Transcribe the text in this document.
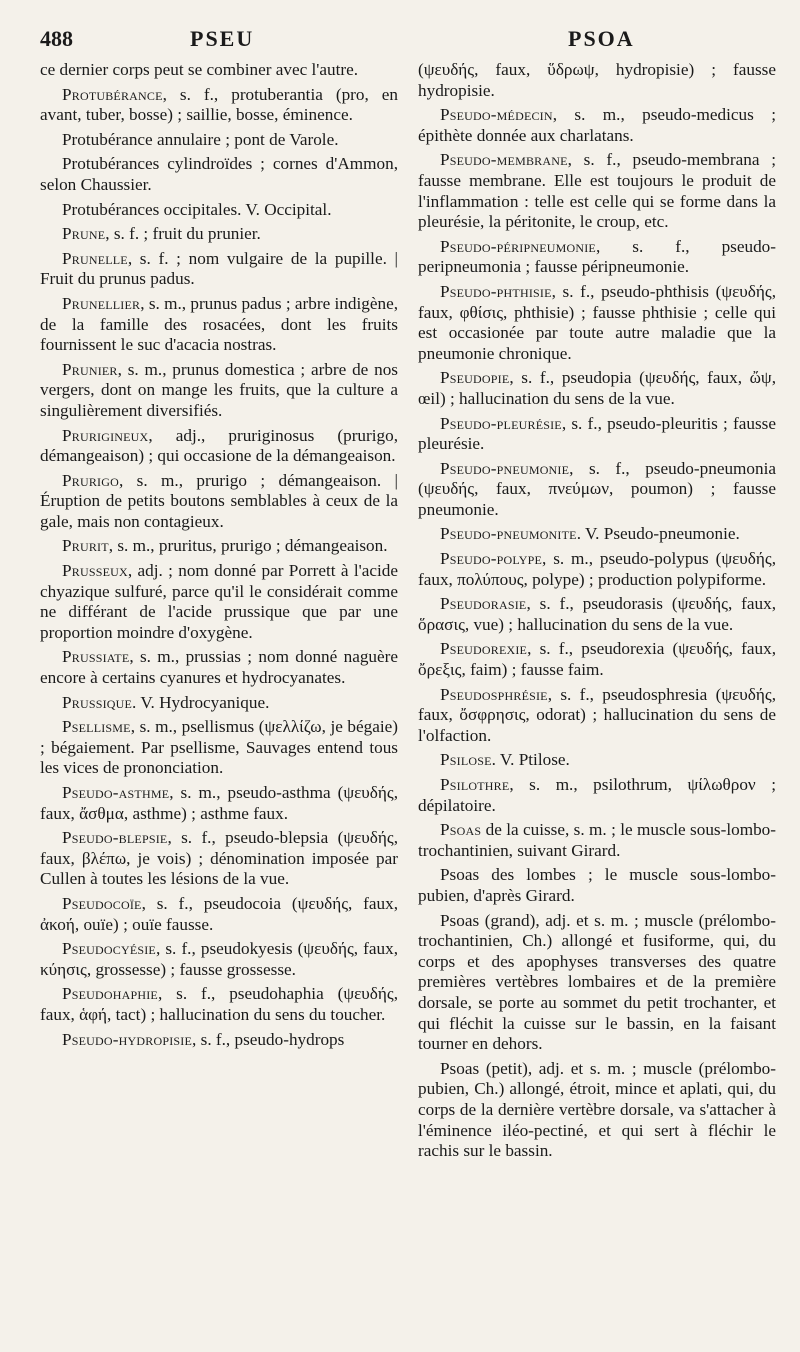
488	PSEU	PSOA

ce dernier corps peut se combiner avec l'autre.

Protubérance, s. f., protuberantia (pro, en avant, tuber, bosse) ; saillie, bosse, éminence.

Protubérance annulaire ; pont de Varole.

Protubérances cylindroïdes ; cornes d'Ammon, selon Chaussier.

Protubérances occipitales. V. Occipital.

Prune, s. f. ; fruit du prunier.

Prunelle, s. f. ; nom vulgaire de la pupille. | Fruit du prunus padus.

Prunellier, s. m., prunus padus ; arbre indigène, de la famille des rosacées, dont les fruits fournissent le suc d'acacia nostras.

Prunier, s. m., prunus domestica ; arbre de nos vergers, dont on mange les fruits, que la culture a singulièrement diversifiés.

Prurigineux, adj., pruriginosus (prurigo, démangeaison) ; qui occasione de la démangeaison.

Prurigo, s. m., prurigo ; démangeaison. | Éruption de petits boutons semblables à ceux de la gale, mais non contagieux.

Prurit, s. m., pruritus, prurigo ; démangeaison.

Prusseux, adj. ; nom donné par Porrett à l'acide chyazique sulfuré, parce qu'il le considérait comme ne différant de l'acide prussique que par une proportion moindre d'oxygène.

Prussiate, s. m., prussias ; nom donné naguère encore à certains cyanures et hydrocyanates.

Prussique. V. Hydrocyanique.

Psellisme, s. m., psellismus (ψελλίζω, je bégaie) ; bégaiement. Par psellisme, Sauvages entend tous les vices de prononciation.

Pseudo-asthme, s. m., pseudo-asthma (ψευδής, faux, ἄσθμα, asthme) ; asthme faux.

Pseudo-blepsie, s. f., pseudo-blepsia (ψευδής, faux, βλέπω, je vois) ; dénomination imposée par Cullen à toutes les lésions de la vue.

Pseudocoïe, s. f., pseudocoia (ψευδής, faux, ἀκοή, ouïe) ; ouïe fausse.

Pseudocyésie, s. f., pseudokyesis (ψευδής, faux, κύησις, grossesse) ; fausse grossesse.

Pseudohaphie, s. f., pseudohaphia (ψευδής, faux, ἁφή, tact) ; hallucination du sens du toucher.

Pseudo-hydropisie, s. f., pseudo-hydrops

(ψευδής, faux, ὕδρωψ, hydropisie) ; fausse hydropisie.

Pseudo-médecin, s. m., pseudo-medicus ; épithète donnée aux charlatans.

Pseudo-membrane, s. f., pseudo-membrana ; fausse membrane. Elle est toujours le produit de l'inflammation : telle est celle qui se forme dans la pleurésie, la péritonite, le croup, etc.

Pseudo-péripneumonie, s. f., pseudo-peripneumonia ; fausse péripneumonie.

Pseudo-phthisie, s. f., pseudo-phthisis (ψευδής, faux, φθίσις, phthisie) ; fausse phthisie ; celle qui est occasionée par toute autre maladie que la pneumonie chronique.

Pseudopie, s. f., pseudopia (ψευδής, faux, ὤψ, œil) ; hallucination du sens de la vue.

Pseudo-pleurésie, s. f., pseudo-pleuritis ; fausse pleurésie.

Pseudo-pneumonie, s. f., pseudo-pneumonia (ψευδής, faux, πνεύμων, poumon) ; fausse pneumonie.

Pseudo-pneumonite. V. Pseudo-pneumonie.

Pseudo-polype, s. m., pseudo-polypus (ψευδής, faux, πολύπους, polype) ; production polypiforme.

Pseudorasie, s. f., pseudorasis (ψευδής, faux, ὅρασις, vue) ; hallucination du sens de la vue.

Pseudorexie, s. f., pseudorexia (ψευδής, faux, ὄρεξις, faim) ; fausse faim.

Pseudosphrésie, s. f., pseudosphresia (ψευδής, faux, ὄσφρησις, odorat) ; hallucination du sens de l'olfaction.

Psilose. V. Ptilose.

Psilothre, s. m., psilothrum, ψίλωθρον ; dépilatoire.

Psoas de la cuisse, s. m. ; le muscle sous-lombo-trochantinien, suivant Girard.

Psoas des lombes ; le muscle sous-lombo-pubien, d'après Girard.

Psoas (grand), adj. et s. m. ; muscle (prélombo-trochantinien, Ch.) allongé et fusiforme, qui, du corps et des apophyses transverses des quatre premières vertèbres lombaires et de la première dorsale, se porte au sommet du petit trochanter, et qui fléchit la cuisse sur le bassin, en la faisant tourner en dehors.

Psoas (petit), adj. et s. m. ; muscle (prélombo-pubien, Ch.) allongé, étroit, mince et aplati, qui, du corps de la dernière vertèbre dorsale, va s'attacher à l'éminence iléo-pectiné, et qui sert à fléchir le rachis sur le bassin.
